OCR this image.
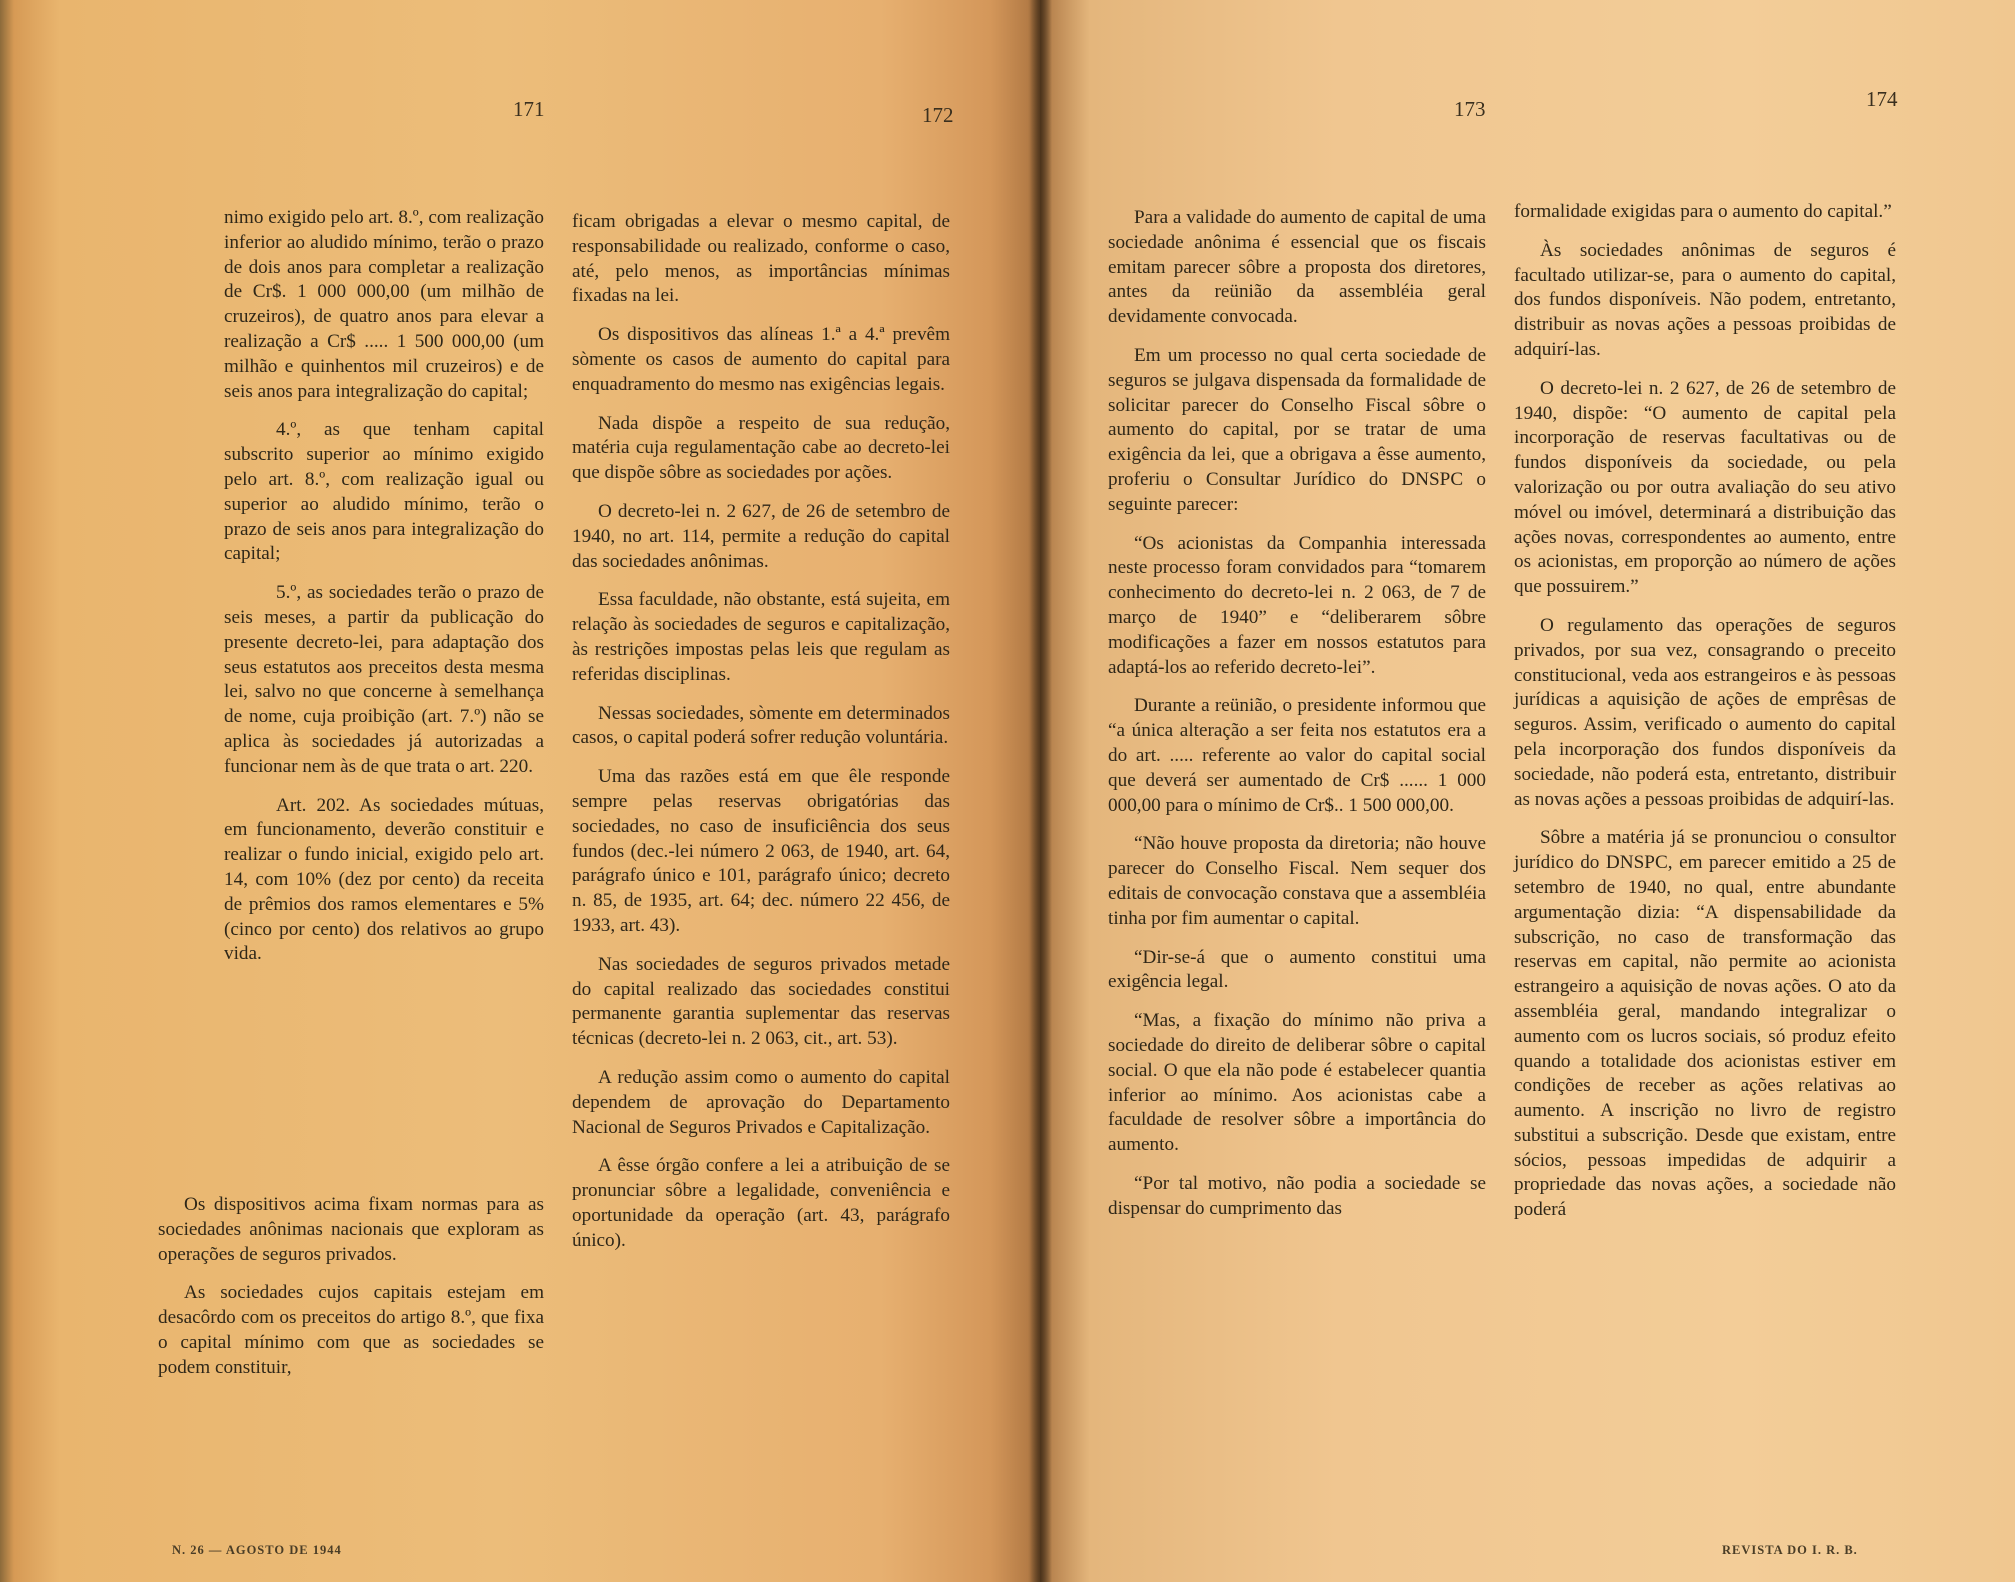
171	172	173	174

nimo exigido pelo art. 8.º, com realização inferior ao aludido mínimo, terão o prazo de dois anos para completar a realização de Cr$. 1 000 000,00 (um milhão de cruzeiros), de quatro anos para elevar a realização a Cr$ ..... 1 500 000,00 (um milhão e quinhentos mil cruzeiros) e de seis anos para integralização do capital;

4.º, as que tenham capital subscrito superior ao mínimo exigido pelo art. 8.º, com realização igual ou superior ao aludido mínimo, terão o prazo de seis anos para integralização do capital;

5.º, as sociedades terão o prazo de seis meses, a partir da publicação do presente decreto-lei, para adaptação dos seus estatutos aos preceitos desta mesma lei, salvo no que concerne à semelhança de nome, cuja proibição (art. 7.º) não se aplica às sociedades já autorizadas a funcionar nem às de que trata o art. 220.

Art. 202. As sociedades mútuas, em funcionamento, deverão constituir e realizar o fundo inicial, exigido pelo art. 14, com 10% (dez por cento) da receita de prêmios dos ramos elementares e 5% (cinco por cento) dos relativos ao grupo vida.

Os dispositivos acima fixam normas para as sociedades anônimas nacionais que exploram as operações de seguros privados.

As sociedades cujos capitais estejam em desacôrdo com os preceitos do artigo 8.º, que fixa o capital mínimo com que as sociedades se podem constituir,

ficam obrigadas a elevar o mesmo capital, de responsabilidade ou realizado, conforme o caso, até, pelo menos, as importâncias mínimas fixadas na lei.

Os dispositivos das alíneas 1.ª a 4.ª prevêm sòmente os casos de aumento do capital para enquadramento do mesmo nas exigências legais.

Nada dispõe a respeito de sua redução, matéria cuja regulamentação cabe ao decreto-lei que dispõe sôbre as sociedades por ações.

O decreto-lei n. 2 627, de 26 de setembro de 1940, no art. 114, permite a redução do capital das sociedades anônimas.

Essa faculdade, não obstante, está sujeita, em relação às sociedades de seguros e capitalização, às restrições impostas pelas leis que regulam as referidas disciplinas.

Nessas sociedades, sòmente em determinados casos, o capital poderá sofrer redução voluntária.

Uma das razões está em que êle responde sempre pelas reservas obrigatórias das sociedades, no caso de insuficiência dos seus fundos (dec.-lei número 2 063, de 1940, art. 64, parágrafo único e 101, parágrafo único; decreto n. 85, de 1935, art. 64; dec. número 22 456, de 1933, art. 43).

Nas sociedades de seguros privados metade do capital realizado das sociedades constitui permanente garantia suplementar das reservas técnicas (decreto-lei n. 2 063, cit., art. 53).

A redução assim como o aumento do capital dependem de aprovação do Departamento Nacional de Seguros Privados e Capitalização.

A êsse órgão confere a lei a atribuição de se pronunciar sôbre a legalidade, conveniência e oportunidade da operação (art. 43, parágrafo único).

Para a validade do aumento de capital de uma sociedade anônima é essencial que os fiscais emitam parecer sôbre a proposta dos diretores, antes da reünião da assembléia geral devidamente convocada.

Em um processo no qual certa sociedade de seguros se julgava dispensada da formalidade de solicitar parecer do Conselho Fiscal sôbre o aumento do capital, por se tratar de uma exigência da lei, que a obrigava a êsse aumento, proferiu o Consultar Jurídico do DNSPC o seguinte parecer:

“Os acionistas da Companhia interessada neste processo foram convidados para “tomarem conhecimento do decreto-lei n. 2 063, de 7 de março de 1940” e “deliberarem sôbre modificações a fazer em nossos estatutos para adaptá-los ao referido decreto-lei”.

Durante a reünião, o presidente informou que “a única alteração a ser feita nos estatutos era a do art. ..... referente ao valor do capital social que deverá ser aumentado de Cr$ ...... 1 000 000,00 para o mínimo de Cr$.. 1 500 000,00.

“Não houve proposta da diretoria; não houve parecer do Conselho Fiscal. Nem sequer dos editais de convocação constava que a assembléia tinha por fim aumentar o capital.

“Dir-se-á que o aumento constitui uma exigência legal.

“Mas, a fixação do mínimo não priva a sociedade do direito de deliberar sôbre o capital social. O que ela não pode é estabelecer quantia inferior ao mínimo. Aos acionistas cabe a faculdade de resolver sôbre a importância do aumento.

“Por tal motivo, não podia a sociedade se dispensar do cumprimento das

formalidade exigidas para o aumento do capital.”

Às sociedades anônimas de seguros é facultado utilizar-se, para o aumento do capital, dos fundos disponíveis. Não podem, entretanto, distribuir as novas ações a pessoas proibidas de adquirí-las.

O decreto-lei n. 2 627, de 26 de setembro de 1940, dispõe: “O aumento de capital pela incorporação de reservas facultativas ou de fundos disponíveis da sociedade, ou pela valorização ou por outra avaliação do seu ativo móvel ou imóvel, determinará a distribuição das ações novas, correspondentes ao aumento, entre os acionistas, em proporção ao número de ações que possuirem.”

O regulamento das operações de seguros privados, por sua vez, consagrando o preceito constitucional, veda aos estrangeiros e às pessoas jurídicas a aquisição de ações de emprêsas de seguros. Assim, verificado o aumento do capital pela incorporação dos fundos disponíveis da sociedade, não poderá esta, entretanto, distribuir as novas ações a pessoas proibidas de adquirí-las.

Sôbre a matéria já se pronunciou o consultor jurídico do DNSPC, em parecer emitido a 25 de setembro de 1940, no qual, entre abundante argumentação dizia: “A dispensabilidade da subscrição, no caso de transformação das reservas em capital, não permite ao acionista estrangeiro a aquisição de novas ações. O ato da assembléia geral, mandando integralizar o aumento com os lucros sociais, só produz efeito quando a totalidade dos acionistas estiver em condições de receber as ações relativas ao aumento. A inscrição no livro de registro substitui a subscrição. Desde que existam, entre sócios, pessoas impedidas de adquirir a propriedade das novas ações, a sociedade não poderá

N. 26 — AGOSTO DE 1944	REVISTA DO I. R. B.
